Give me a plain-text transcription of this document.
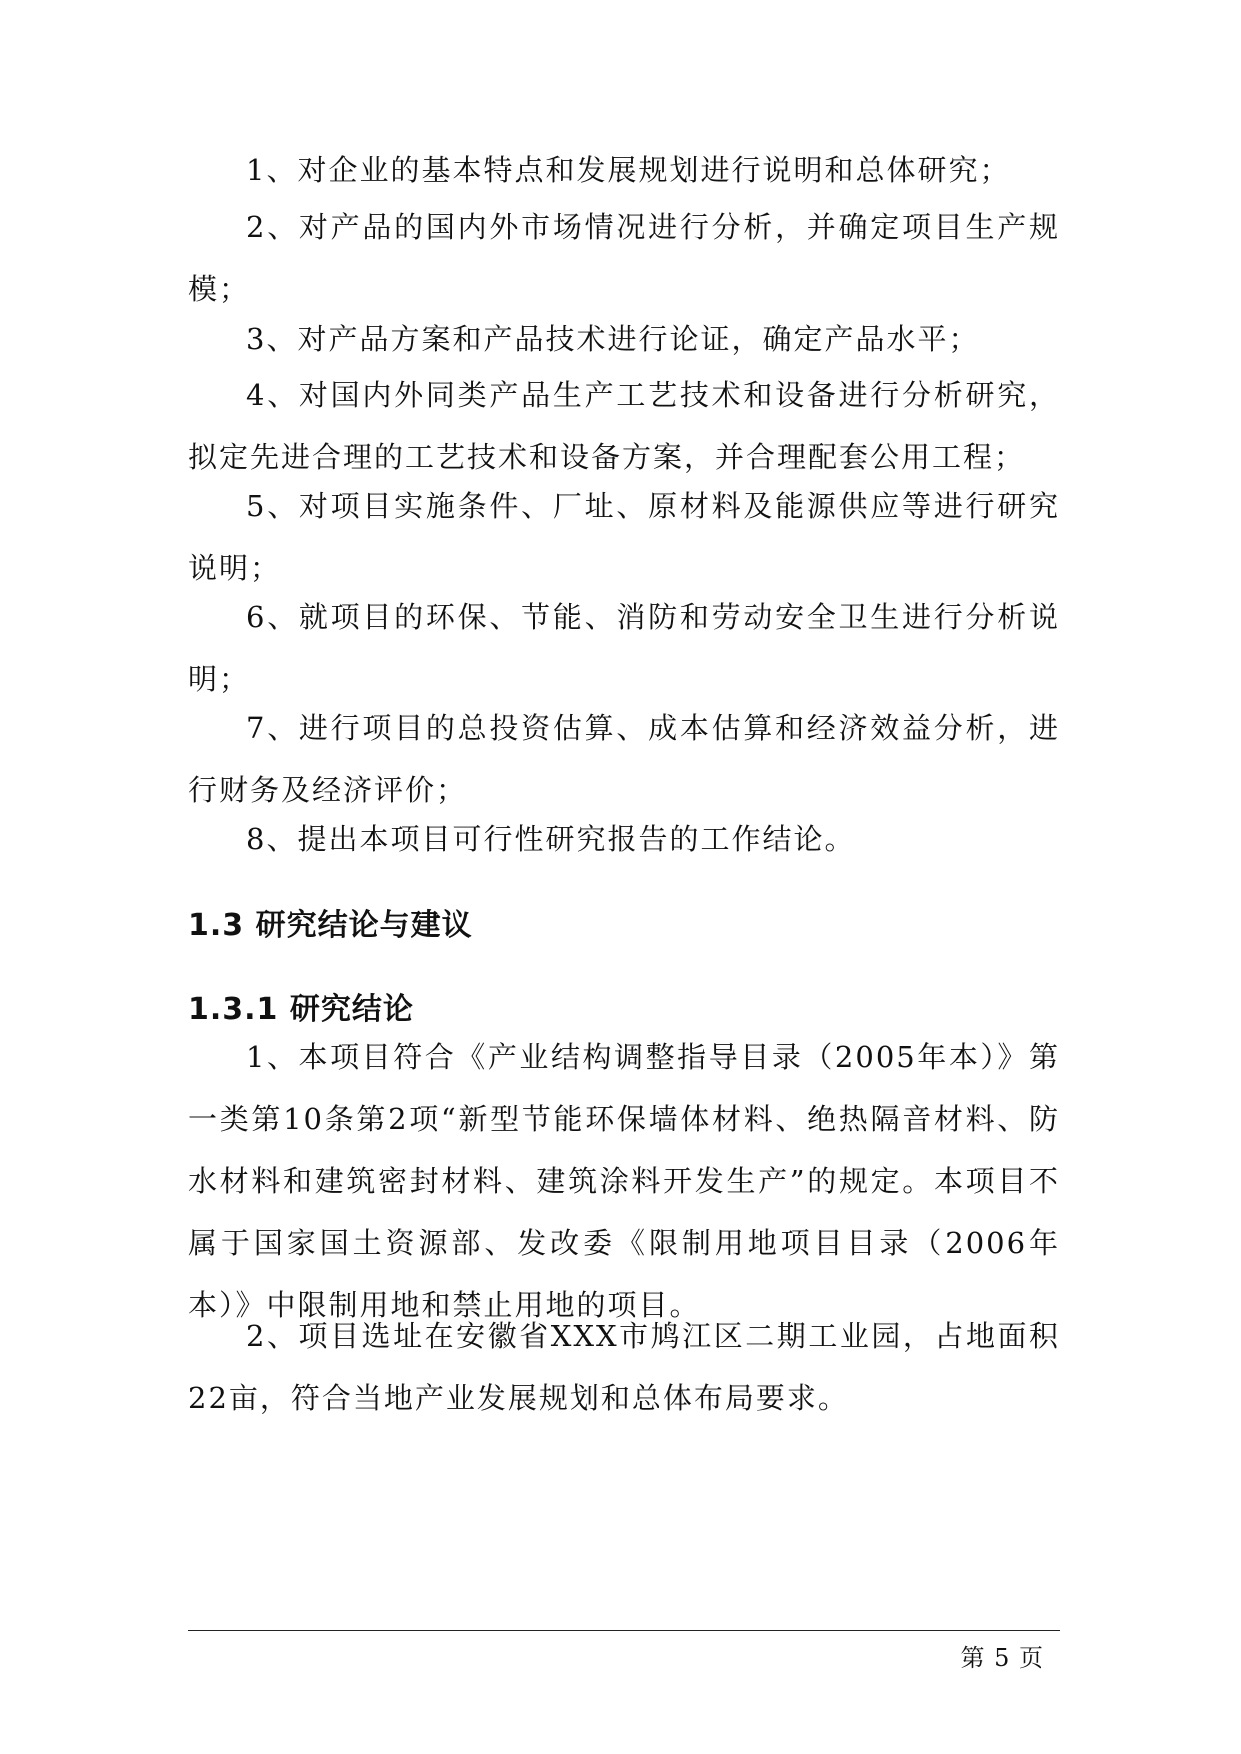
1、对企业的基本特点和发展规划进行说明和总体研究；
2、对产品的国内外市场情况进行分析，并确定项目生产规模；
3、对产品方案和产品技术进行论证，确定产品水平；
4、对国内外同类产品生产工艺技术和设备进行分析研究，拟定先进合理的工艺技术和设备方案，并合理配套公用工程；
5、对项目实施条件、厂址、原材料及能源供应等进行研究说明；
6、就项目的环保、节能、消防和劳动安全卫生进行分析说明；
7、进行项目的总投资估算、成本估算和经济效益分析，进行财务及经济评价；
8、提出本项目可行性研究报告的工作结论。
1.3 研究结论与建议
1.3.1 研究结论
1、本项目符合《产业结构调整指导目录（2005年本）》第一类第10条第2项“新型节能环保墙体材料、绝热隔音材料、防水材料和建筑密封材料、建筑涂料开发生产”的规定。本项目不属于国家国土资源部、发改委《限制用地项目目录（2006年本）》中限制用地和禁止用地的项目。
2、项目选址在安徽省XXX市鸠江区二期工业园，占地面积22亩，符合当地产业发展规划和总体布局要求。
第 5 页
